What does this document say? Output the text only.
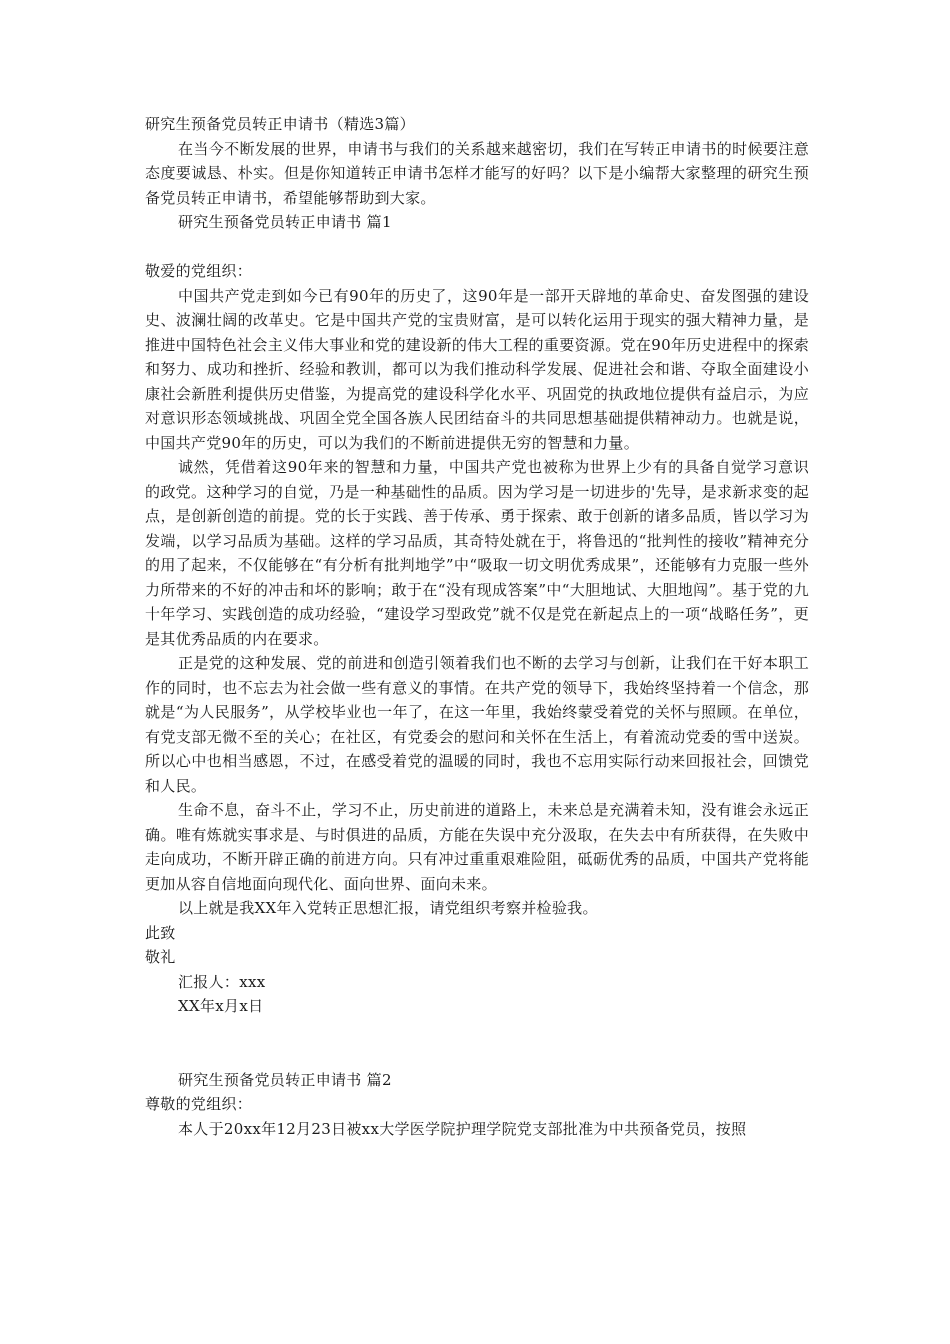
研究生预备党员转正申请书（精选3篇）

在当今不断发展的世界，申请书与我们的关系越来越密切，我们在写转正申请书的时候要注意态度要诚恳、朴实。但是你知道转正申请书怎样才能写的好吗？以下是小编帮大家整理的研究生预备党员转正申请书，希望能够帮助到大家。

研究生预备党员转正申请书 篇1

敬爱的党组织：

中国共产党走到如今已有90年的历史了，这90年是一部开天辟地的革命史、奋发图强的建设史、波澜壮阔的改革史。它是中国共产党的宝贵财富，是可以转化运用于现实的强大精神力量，是推进中国特色社会主义伟大事业和党的建设新的伟大工程的重要资源。党在90年历史进程中的探索和努力、成功和挫折、经验和教训，都可以为我们推动科学发展、促进社会和谐、夺取全面建设小康社会新胜利提供历史借鉴，为提高党的建设科学化水平、巩固党的执政地位提供有益启示，为应对意识形态领域挑战、巩固全党全国各族人民团结奋斗的共同思想基础提供精神动力。也就是说，中国共产党90年的历史，可以为我们的不断前进提供无穷的智慧和力量。

诚然，凭借着这90年来的智慧和力量，中国共产党也被称为世界上少有的具备自觉学习意识的政党。这种学习的自觉，乃是一种基础性的品质。因为学习是一切进步的'先导，是求新求变的起点，是创新创造的前提。党的长于实践、善于传承、勇于探索、敢于创新的诸多品质，皆以学习为发端，以学习品质为基础。这样的学习品质，其奇特处就在于，将鲁迅的“批判性的接收”精神充分的用了起来，不仅能够在“有分析有批判地学”中“吸取一切文明优秀成果”，还能够有力克服一些外力所带来的不好的冲击和坏的影响；敢于在“没有现成答案”中“大胆地试、大胆地闯”。基于党的九十年学习、实践创造的成功经验，“建设学习型政党”就不仅是党在新起点上的一项“战略任务”，更是其优秀品质的内在要求。

正是党的这种发展、党的前进和创造引领着我们也不断的去学习与创新，让我们在干好本职工作的同时，也不忘去为社会做一些有意义的事情。在共产党的领导下，我始终坚持着一个信念，那就是“为人民服务”，从学校毕业也一年了，在这一年里，我始终蒙受着党的关怀与照顾。在单位，有党支部无微不至的关心；在社区，有党委会的慰问和关怀在生活上，有着流动党委的雪中送炭。所以心中也相当感恩，不过，在感受着党的温暖的同时，我也不忘用实际行动来回报社会，回馈党和人民。

生命不息，奋斗不止，学习不止，历史前进的道路上，未来总是充满着未知，没有谁会永远正确。唯有炼就实事求是、与时俱进的品质，方能在失误中充分汲取，在失去中有所获得，在失败中走向成功，不断开辟正确的前进方向。只有冲过重重艰难险阻，砥砺优秀的品质，中国共产党将能更加从容自信地面向现代化、面向世界、面向未来。

以上就是我XX年入党转正思想汇报，请党组织考察并检验我。

此致

敬礼

汇报人：xxx

XX年x月x日

研究生预备党员转正申请书 篇2

尊敬的党组织：

本人于20xx年12月23日被xx大学医学院护理学院党支部批准为中共预备党员，按照
